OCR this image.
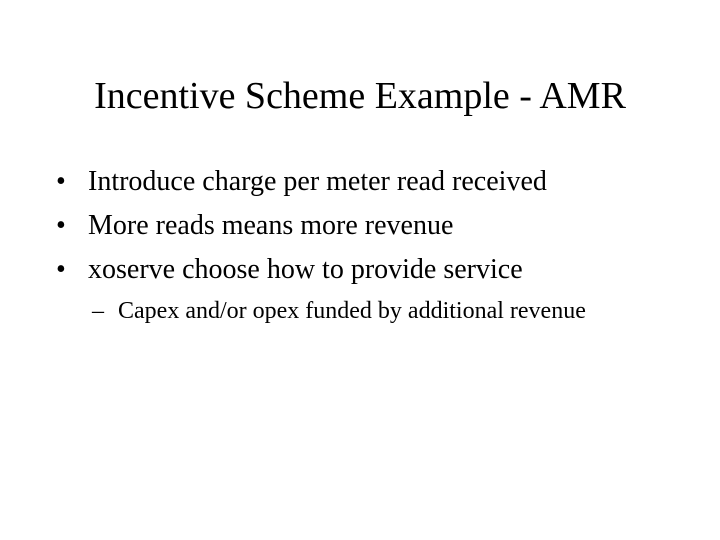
Incentive Scheme Example - AMR
• Introduce charge per meter read received
• More reads means more revenue
• xoserve choose how to provide service
– Capex and/or opex funded by additional revenue
